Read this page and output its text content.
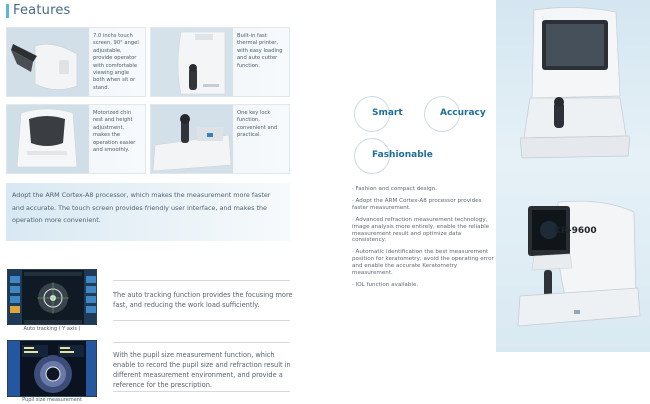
Features
7.0 inchs touch screen, 90° angel adjustable, provide operator with comfortable viewing angle both when sit or stand.
Built-in fast thermal printer, with easy loading and auto cutter function.
Motorized chin rest and height adjustment, makes the operation easier and smoothly.
One key lock function, convenient and practical.

Adopt the ARM Cortex-A8 processor, which makes the measurement more faster and accurate. The touch screen provides friendly user interface, and makes the operation more convenient.

Auto tracking ( Y axis )
The auto tracking function provides the focusing more fast, and reducing the work load sufficiently.
Pupil size measurement
With the pupil size measurement function, which enable to record the pupil size and refraction result in different measurement environment, and provide a reference for the prescription.
Smart	Accuracy
Fashionable
· Fashion and compact design.
· Adopt the ARM Cortex-A8 processor provides faster measurement.
· Advanced refraction measurement technology, image analysis more entirely, enable the reliable measurement result and optimize data consistency.
· Automatic identification the best measurement position for keratometry, avoid the operating error and enable the accurate Keratometry measurement.
· IOL function available.
KR-9600
